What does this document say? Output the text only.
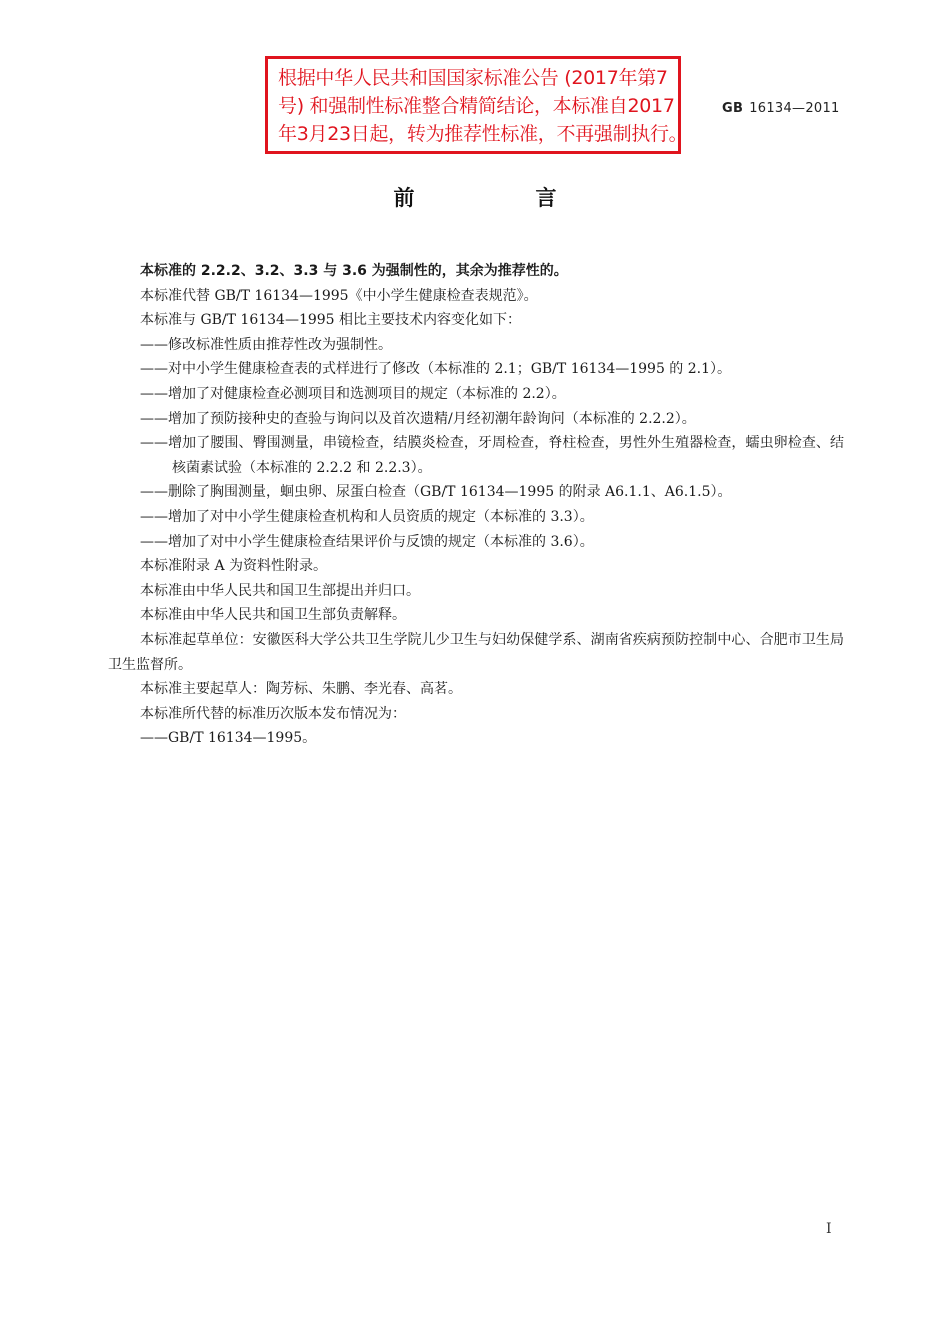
根据中华人民共和国国家标准公告 (2017年第7
号) 和强制性标准整合精简结论，本标准自2017
年3月23日起，转为推荐性标准，不再强制执行。
GB 16134—2011
前　言

本标准的 2.2.2、3.2、3.3 与 3.6 为强制性的，其余为推荐性的。

本标准代替 GB/T 16134—1995《中小学生健康检查表规范》。

本标准与 GB/T 16134—1995 相比主要技术内容变化如下：

——修改标准性质由推荐性改为强制性。

——对中小学生健康检查表的式样进行了修改（本标准的 2.1；GB/T 16134—1995 的 2.1）。

——增加了对健康检查必测项目和选测项目的规定（本标准的 2.2）。

——增加了预防接种史的查验与询问以及首次遗精/月经初潮年龄询问（本标准的 2.2.2）。

——增加了腰围、臀围测量，串镜检查，结膜炎检查，牙周检查，脊柱检查，男性外生殖器检查，蠕虫卵检查、结核菌素试验（本标准的 2.2.2 和 2.2.3）。

——删除了胸围测量，蛔虫卵、尿蛋白检查（GB/T 16134—1995 的附录 A6.1.1、A6.1.5）。

——增加了对中小学生健康检查机构和人员资质的规定（本标准的 3.3）。

——增加了对中小学生健康检查结果评价与反馈的规定（本标准的 3.6）。

本标准附录 A 为资料性附录。

本标准由中华人民共和国卫生部提出并归口。

本标准由中华人民共和国卫生部负责解释。

本标准起草单位：安徽医科大学公共卫生学院儿少卫生与妇幼保健学系、湖南省疾病预防控制中心、合肥市卫生局卫生监督所。

本标准主要起草人：陶芳标、朱鹏、李光春、高茗。

本标准所代替的标准历次版本发布情况为：

——GB/T 16134—1995。

I
